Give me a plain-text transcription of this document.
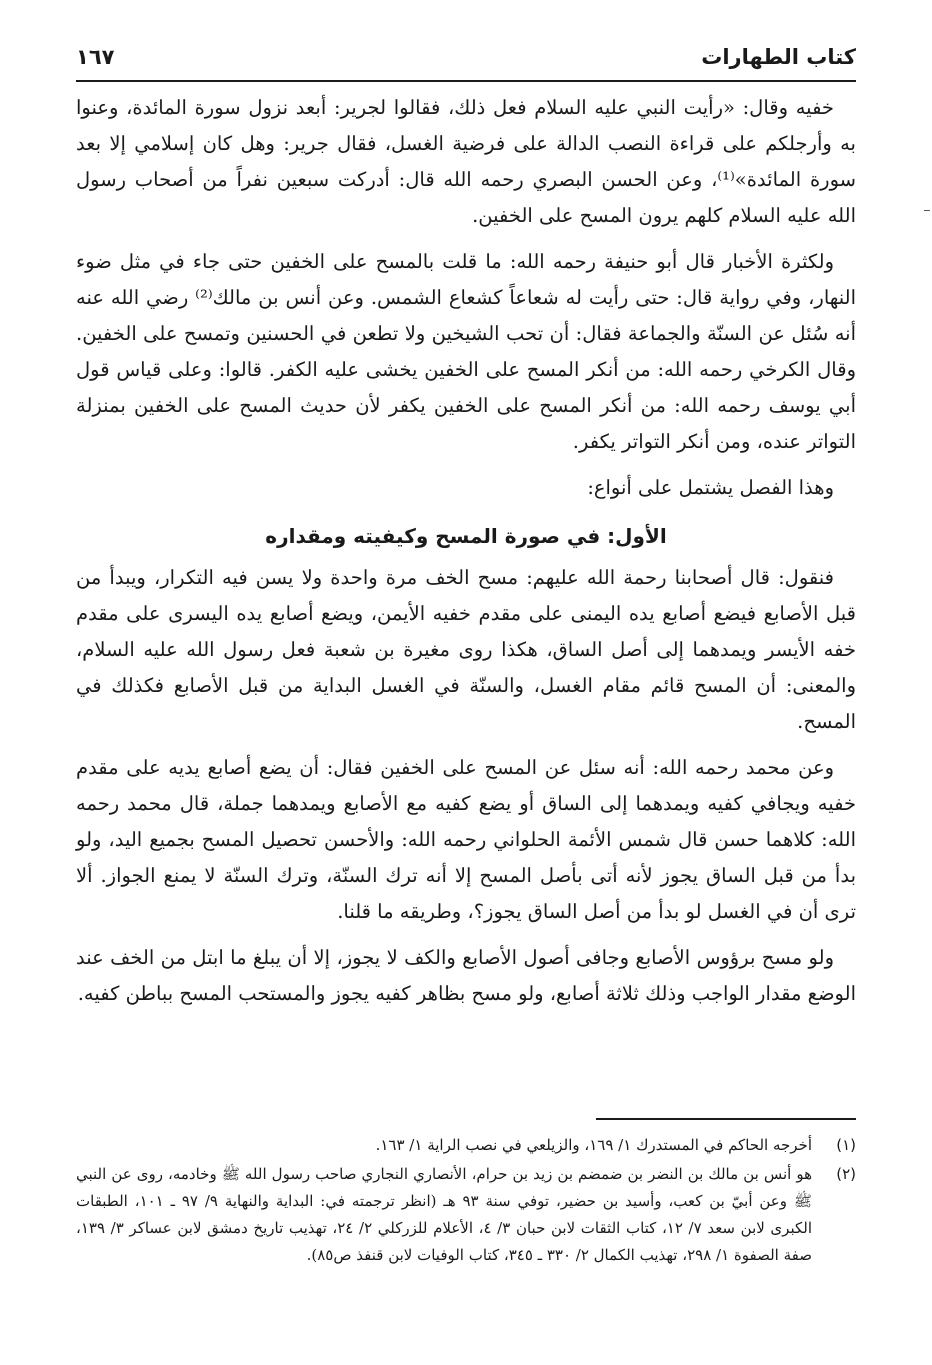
كتاب الطهارات
١٦٧

خفيه وقال: «رأيت النبي عليه السلام فعل ذلك، فقالوا لجرير: أبعد نزول سورة المائدة، وعنوا به وأرجلكم على قراءة النصب الدالة على فرضية الغسل، فقال جرير: وهل كان إسلامي إلا بعد سورة المائدة»⁽¹⁾، وعن الحسن البصري رحمه الله قال: أدركت سبعين نفراً من أصحاب رسول الله عليه السلام كلهم يرون المسح على الخفين.

ولكثرة الأخبار قال أبو حنيفة رحمه الله: ما قلت بالمسح على الخفين حتى جاء في مثل ضوء النهار، وفي رواية قال: حتى رأيت له شعاعاً كشعاع الشمس. وعن أنس بن مالك⁽²⁾ رضي الله عنه أنه سُئل عن السنّة والجماعة فقال: أن تحب الشيخين ولا تطعن في الحسنين وتمسح على الخفين. وقال الكرخي رحمه الله: من أنكر المسح على الخفين يخشى عليه الكفر. قالوا: وعلى قياس قول أبي يوسف رحمه الله: من أنكر المسح على الخفين يكفر لأن حديث المسح على الخفين بمنزلة التواتر عنده، ومن أنكر التواتر يكفر.

وهذا الفصل يشتمل على أنواع:

الأول: في صورة المسح وكيفيته ومقداره

فنقول: قال أصحابنا رحمة الله عليهم: مسح الخف مرة واحدة ولا يسن فيه التكرار، ويبدأ من قبل الأصابع فيضع أصابع يده اليمنى على مقدم خفيه الأيمن، ويضع أصابع يده اليسرى على مقدم خفه الأيسر ويمدهما إلى أصل الساق، هكذا روى مغيرة بن شعبة فعل رسول الله عليه السلام، والمعنى: أن المسح قائم مقام الغسل، والسنّة في الغسل البداية من قبل الأصابع فكذلك في المسح.

وعن محمد رحمه الله: أنه سئل عن المسح على الخفين فقال: أن يضع أصابع يديه على مقدم خفيه ويجافي كفيه ويمدهما إلى الساق أو يضع كفيه مع الأصابع ويمدهما جملة، قال محمد رحمه الله: كلاهما حسن قال شمس الأئمة الحلواني رحمه الله: والأحسن تحصيل المسح بجميع اليد، ولو بدأ من قبل الساق يجوز لأنه أتى بأصل المسح إلا أنه ترك السنّة، وترك السنّة لا يمنع الجواز. ألا ترى أن في الغسل لو بدأ من أصل الساق يجوز؟، وطريقه ما قلنا.

ولو مسح برؤوس الأصابع وجافى أصول الأصابع والكف لا يجوز، إلا أن يبلغ ما ابتل من الخف عند الوضع مقدار الواجب وذلك ثلاثة أصابع، ولو مسح بظاهر كفيه يجوز والمستحب المسح بباطن كفيه.

(١)
أخرجه الحاكم في المستدرك ١/ ١٦٩، والزيلعي في نصب الراية ١/ ١٦٣.
(٢)
هو أنس بن مالك بن النضر بن ضمضم بن زيد بن حرام، الأنصاري النجاري صاحب رسول الله ﷺ وخادمه، روى عن النبي ﷺ وعن أبيّ بن كعب، وأسيد بن حضير، توفي سنة ٩٣ هـ (انظر ترجمته في: البداية والنهاية ٩/ ٩٧ ـ ١٠١، الطبقات الكبرى لابن سعد ٧/ ١٢، كتاب الثقات لابن حبان ٣/ ٤، الأعلام للزركلي ٢/ ٢٤، تهذيب تاريخ دمشق لابن عساكر ٣/ ١٣٩، صفة الصفوة ١/ ٢٩٨، تهذيب الكمال ٢/ ٣٣٠ ـ ٣٤٥، كتاب الوفيات لابن قنفذ ص٨٥).
